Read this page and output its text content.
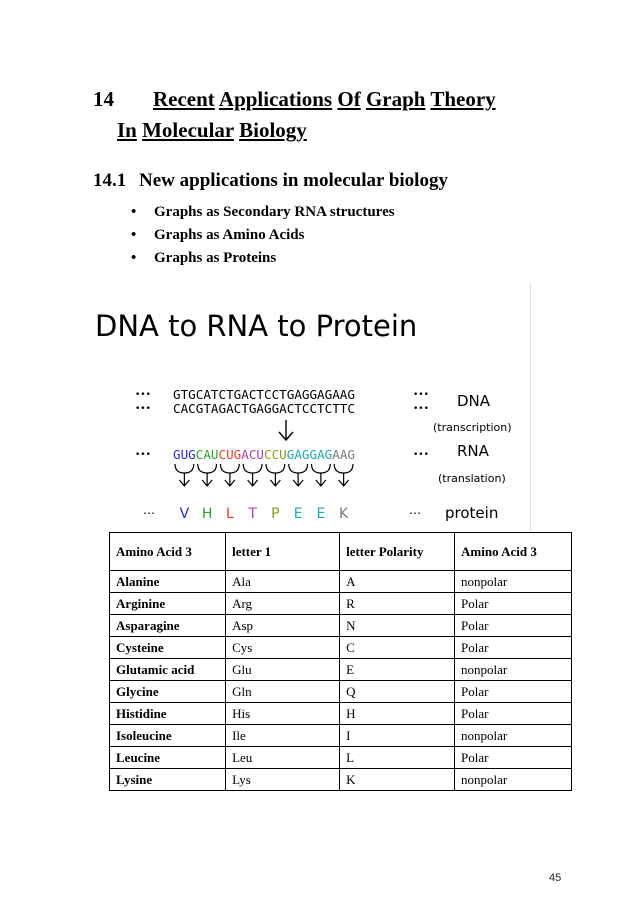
14 Recent Applications Of Graph Theory
In Molecular Biology
14.1 New applications in molecular biology
• Graphs as Secondary RNA structures
• Graphs as Amino Acids
• Graphs as Proteins
DNA to RNA to Protein
••• GTGCATCTGACTCCTGAGGAGAAG	•••
••• CACGTAGACTGAGGACTCCTCTTC	••• DNA
(transcription)
••• GUGCAUCUGACUCCUGAGGAGAAG	••• RNA
(translation)
⋯ V H L T P E E K	⋯ protein
Amino Acid 3	letter 1	letter Polarity	Amino Acid 3
Alanine	Ala	A	nonpolar
Arginine	Arg	R	Polar
Asparagine	Asp	N	Polar
Cysteine	Cys	C	Polar
Glutamic acid	Glu	E	nonpolar
Glycine	Gln	Q	Polar
Histidine	His	H	Polar
Isoleucine	Ile	I	nonpolar
Leucine	Leu	L	Polar
Lysine	Lys	K	nonpolar
45
